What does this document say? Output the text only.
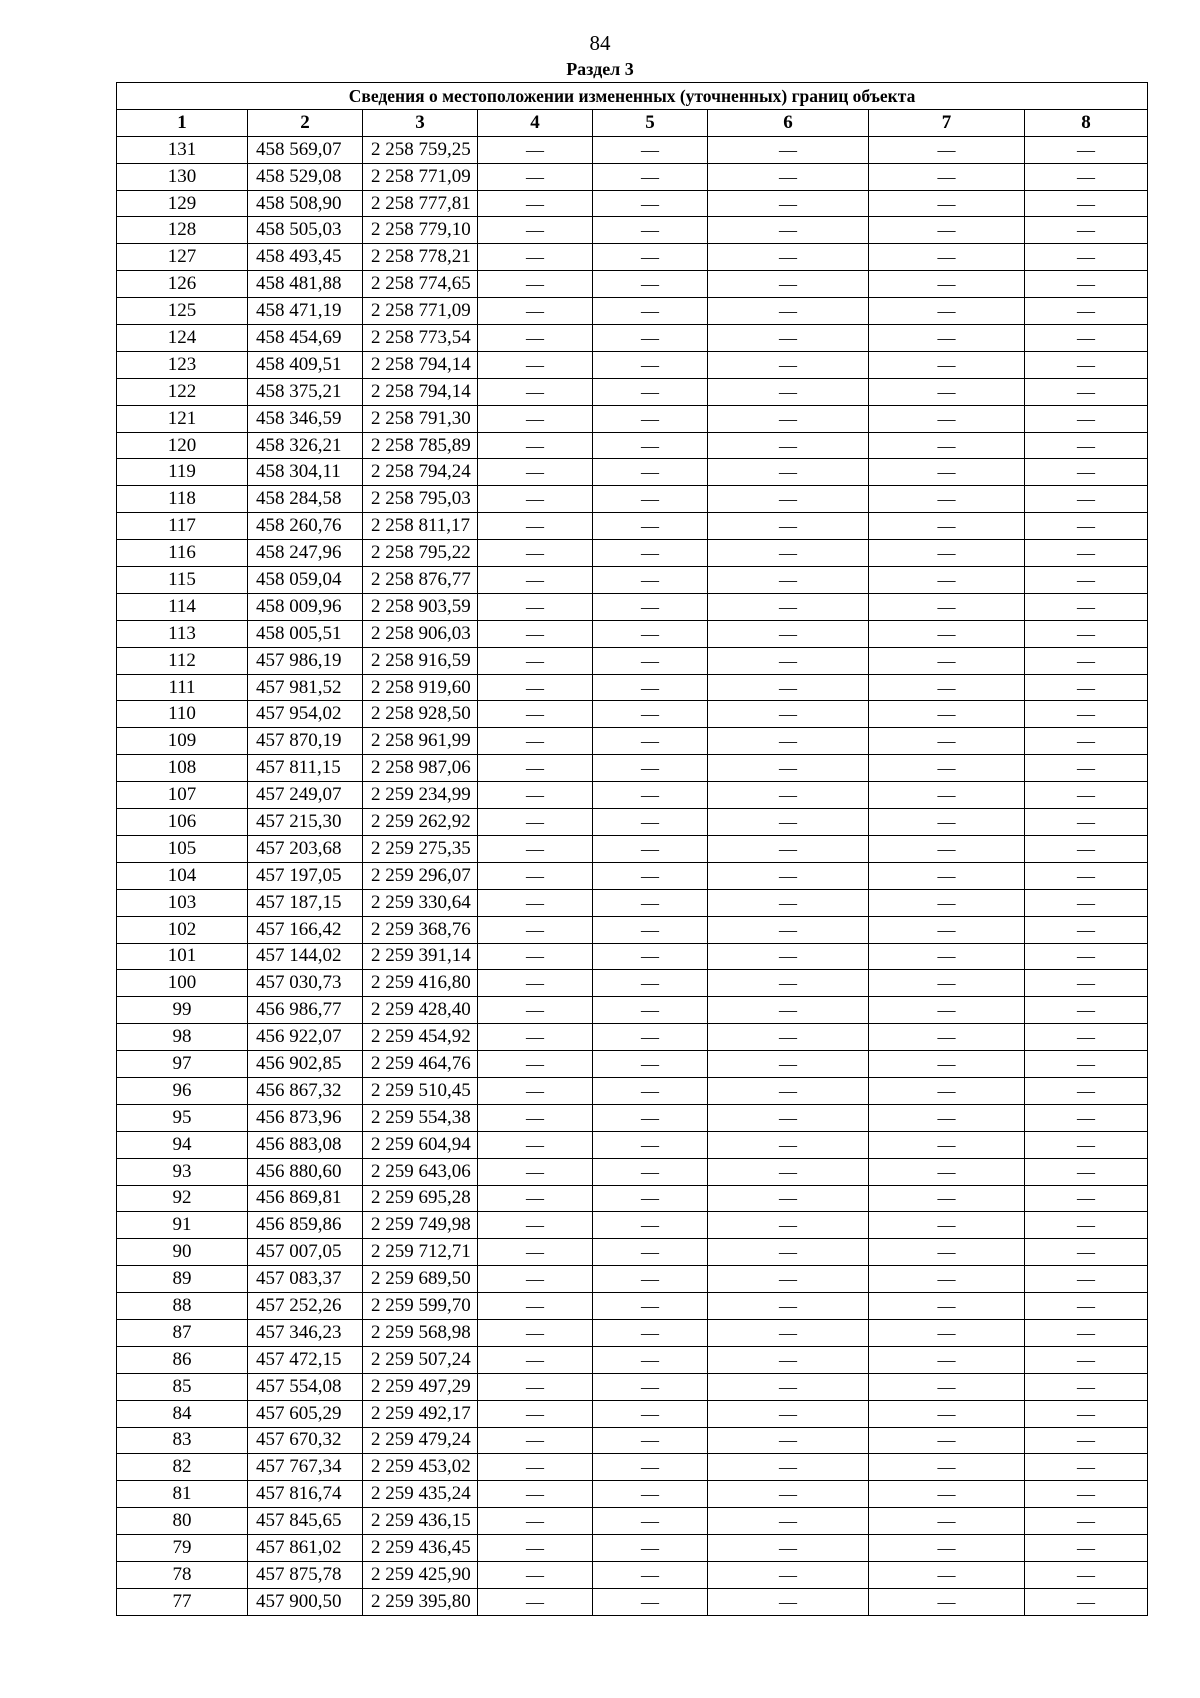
84
Раздел 3
Сведения о местоположении измененных (уточненных) границ объекта							
1	2	3	4	5	6	7	8
131	458 569,07	2 258 759,25	—	—	—	—	—
130	458 529,08	2 258 771,09	—	—	—	—	—
129	458 508,90	2 258 777,81	—	—	—	—	—
128	458 505,03	2 258 779,10	—	—	—	—	—
127	458 493,45	2 258 778,21	—	—	—	—	—
126	458 481,88	2 258 774,65	—	—	—	—	—
125	458 471,19	2 258 771,09	—	—	—	—	—
124	458 454,69	2 258 773,54	—	—	—	—	—
123	458 409,51	2 258 794,14	—	—	—	—	—
122	458 375,21	2 258 794,14	—	—	—	—	—
121	458 346,59	2 258 791,30	—	—	—	—	—
120	458 326,21	2 258 785,89	—	—	—	—	—
119	458 304,11	2 258 794,24	—	—	—	—	—
118	458 284,58	2 258 795,03	—	—	—	—	—
117	458 260,76	2 258 811,17	—	—	—	—	—
116	458 247,96	2 258 795,22	—	—	—	—	—
115	458 059,04	2 258 876,77	—	—	—	—	—
114	458 009,96	2 258 903,59	—	—	—	—	—
113	458 005,51	2 258 906,03	—	—	—	—	—
112	457 986,19	2 258 916,59	—	—	—	—	—
111	457 981,52	2 258 919,60	—	—	—	—	—
110	457 954,02	2 258 928,50	—	—	—	—	—
109	457 870,19	2 258 961,99	—	—	—	—	—
108	457 811,15	2 258 987,06	—	—	—	—	—
107	457 249,07	2 259 234,99	—	—	—	—	—
106	457 215,30	2 259 262,92	—	—	—	—	—
105	457 203,68	2 259 275,35	—	—	—	—	—
104	457 197,05	2 259 296,07	—	—	—	—	—
103	457 187,15	2 259 330,64	—	—	—	—	—
102	457 166,42	2 259 368,76	—	—	—	—	—
101	457 144,02	2 259 391,14	—	—	—	—	—
100	457 030,73	2 259 416,80	—	—	—	—	—
99	456 986,77	2 259 428,40	—	—	—	—	—
98	456 922,07	2 259 454,92	—	—	—	—	—
97	456 902,85	2 259 464,76	—	—	—	—	—
96	456 867,32	2 259 510,45	—	—	—	—	—
95	456 873,96	2 259 554,38	—	—	—	—	—
94	456 883,08	2 259 604,94	—	—	—	—	—
93	456 880,60	2 259 643,06	—	—	—	—	—
92	456 869,81	2 259 695,28	—	—	—	—	—
91	456 859,86	2 259 749,98	—	—	—	—	—
90	457 007,05	2 259 712,71	—	—	—	—	—
89	457 083,37	2 259 689,50	—	—	—	—	—
88	457 252,26	2 259 599,70	—	—	—	—	—
87	457 346,23	2 259 568,98	—	—	—	—	—
86	457 472,15	2 259 507,24	—	—	—	—	—
85	457 554,08	2 259 497,29	—	—	—	—	—
84	457 605,29	2 259 492,17	—	—	—	—	—
83	457 670,32	2 259 479,24	—	—	—	—	—
82	457 767,34	2 259 453,02	—	—	—	—	—
81	457 816,74	2 259 435,24	—	—	—	—	—
80	457 845,65	2 259 436,15	—	—	—	—	—
79	457 861,02	2 259 436,45	—	—	—	—	—
78	457 875,78	2 259 425,90	—	—	—	—	—
77	457 900,50	2 259 395,80	—	—	—	—	—
